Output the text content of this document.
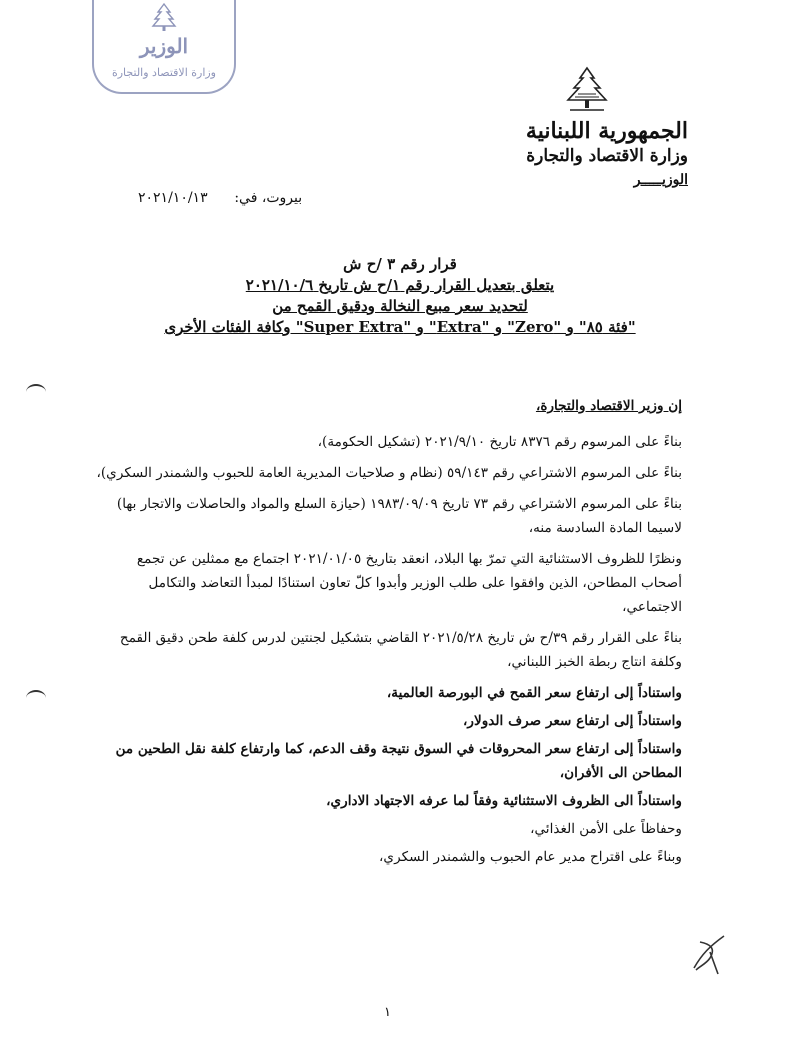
الوزير
وزارة الاقتصاد والتجارة
الجمهورية اللبنانية
وزارة الاقتصاد والتجارة
الوزيـــــر
بيروت، في:      ٢٠٢١/١٠/١٣
قرار رقم ٣ /ح ش
يتعلق بتعديل القرار رقم ١/ح ش تاريخ ٢٠٢١/١٠/٦
لتحديد سعر مبيع النخالة ودقيق القمح من
"فئة ٨٥" و "Zero" و "Extra" و "Super Extra" وكافة الفئات الأخرى

إن وزير الاقتصاد والتجارة،

بناءً على المرسوم رقم ٨٣٧٦ تاريخ ٢٠٢١/٩/١٠ (تشكيل الحكومة)،

بناءً على المرسوم الاشتراعي رقم ٥٩/١٤٣ (نظام و صلاحيات المديرية العامة للحبوب والشمندر السكري)،

بناءً على المرسوم الاشتراعي رقم ٧٣ تاريخ ١٩٨٣/٠٩/٠٩ (حيازة السلع والمواد والحاصلات والاتجار بها) لاسيما المادة السادسة منه،

ونظرًا للظروف الاستثنائية التي تمرّ بها البلاد، انعقد بتاريخ ٢٠٢١/٠١/٠٥ اجتماع مع ممثلين عن تجمع أصحاب المطاحن، الذين وافقوا على طلب الوزير وأبدوا كلّ تعاون استنادًا لمبدأ التعاضد والتكامل الاجتماعي،

بناءً على القرار رقم ٣٩/ح ش تاريخ ٢٠٢١/٥/٢٨ القاضي بتشكيل لجنتين لدرس كلفة طحن دقيق القمح وكلفة انتاج ربطة الخبز اللبناني،

واستناداً إلى ارتفاع سعر القمح في البورصة العالمية،

واستناداً إلى ارتفاع سعر صرف الدولار،

واستناداً إلى ارتفاع سعر المحروقات في السوق نتيجة وقف الدعم، كما وارتفاع كلفة نقل الطحين من المطاحن الى الأفران،

واستناداً الى الظروف الاستثنائية وفقاً لما عرفه الاجتهاد الاداري،

وحفاظاً على الأمن الغذائي،

وبناءً على اقتراح مدير عام الحبوب والشمندر السكري،

١
